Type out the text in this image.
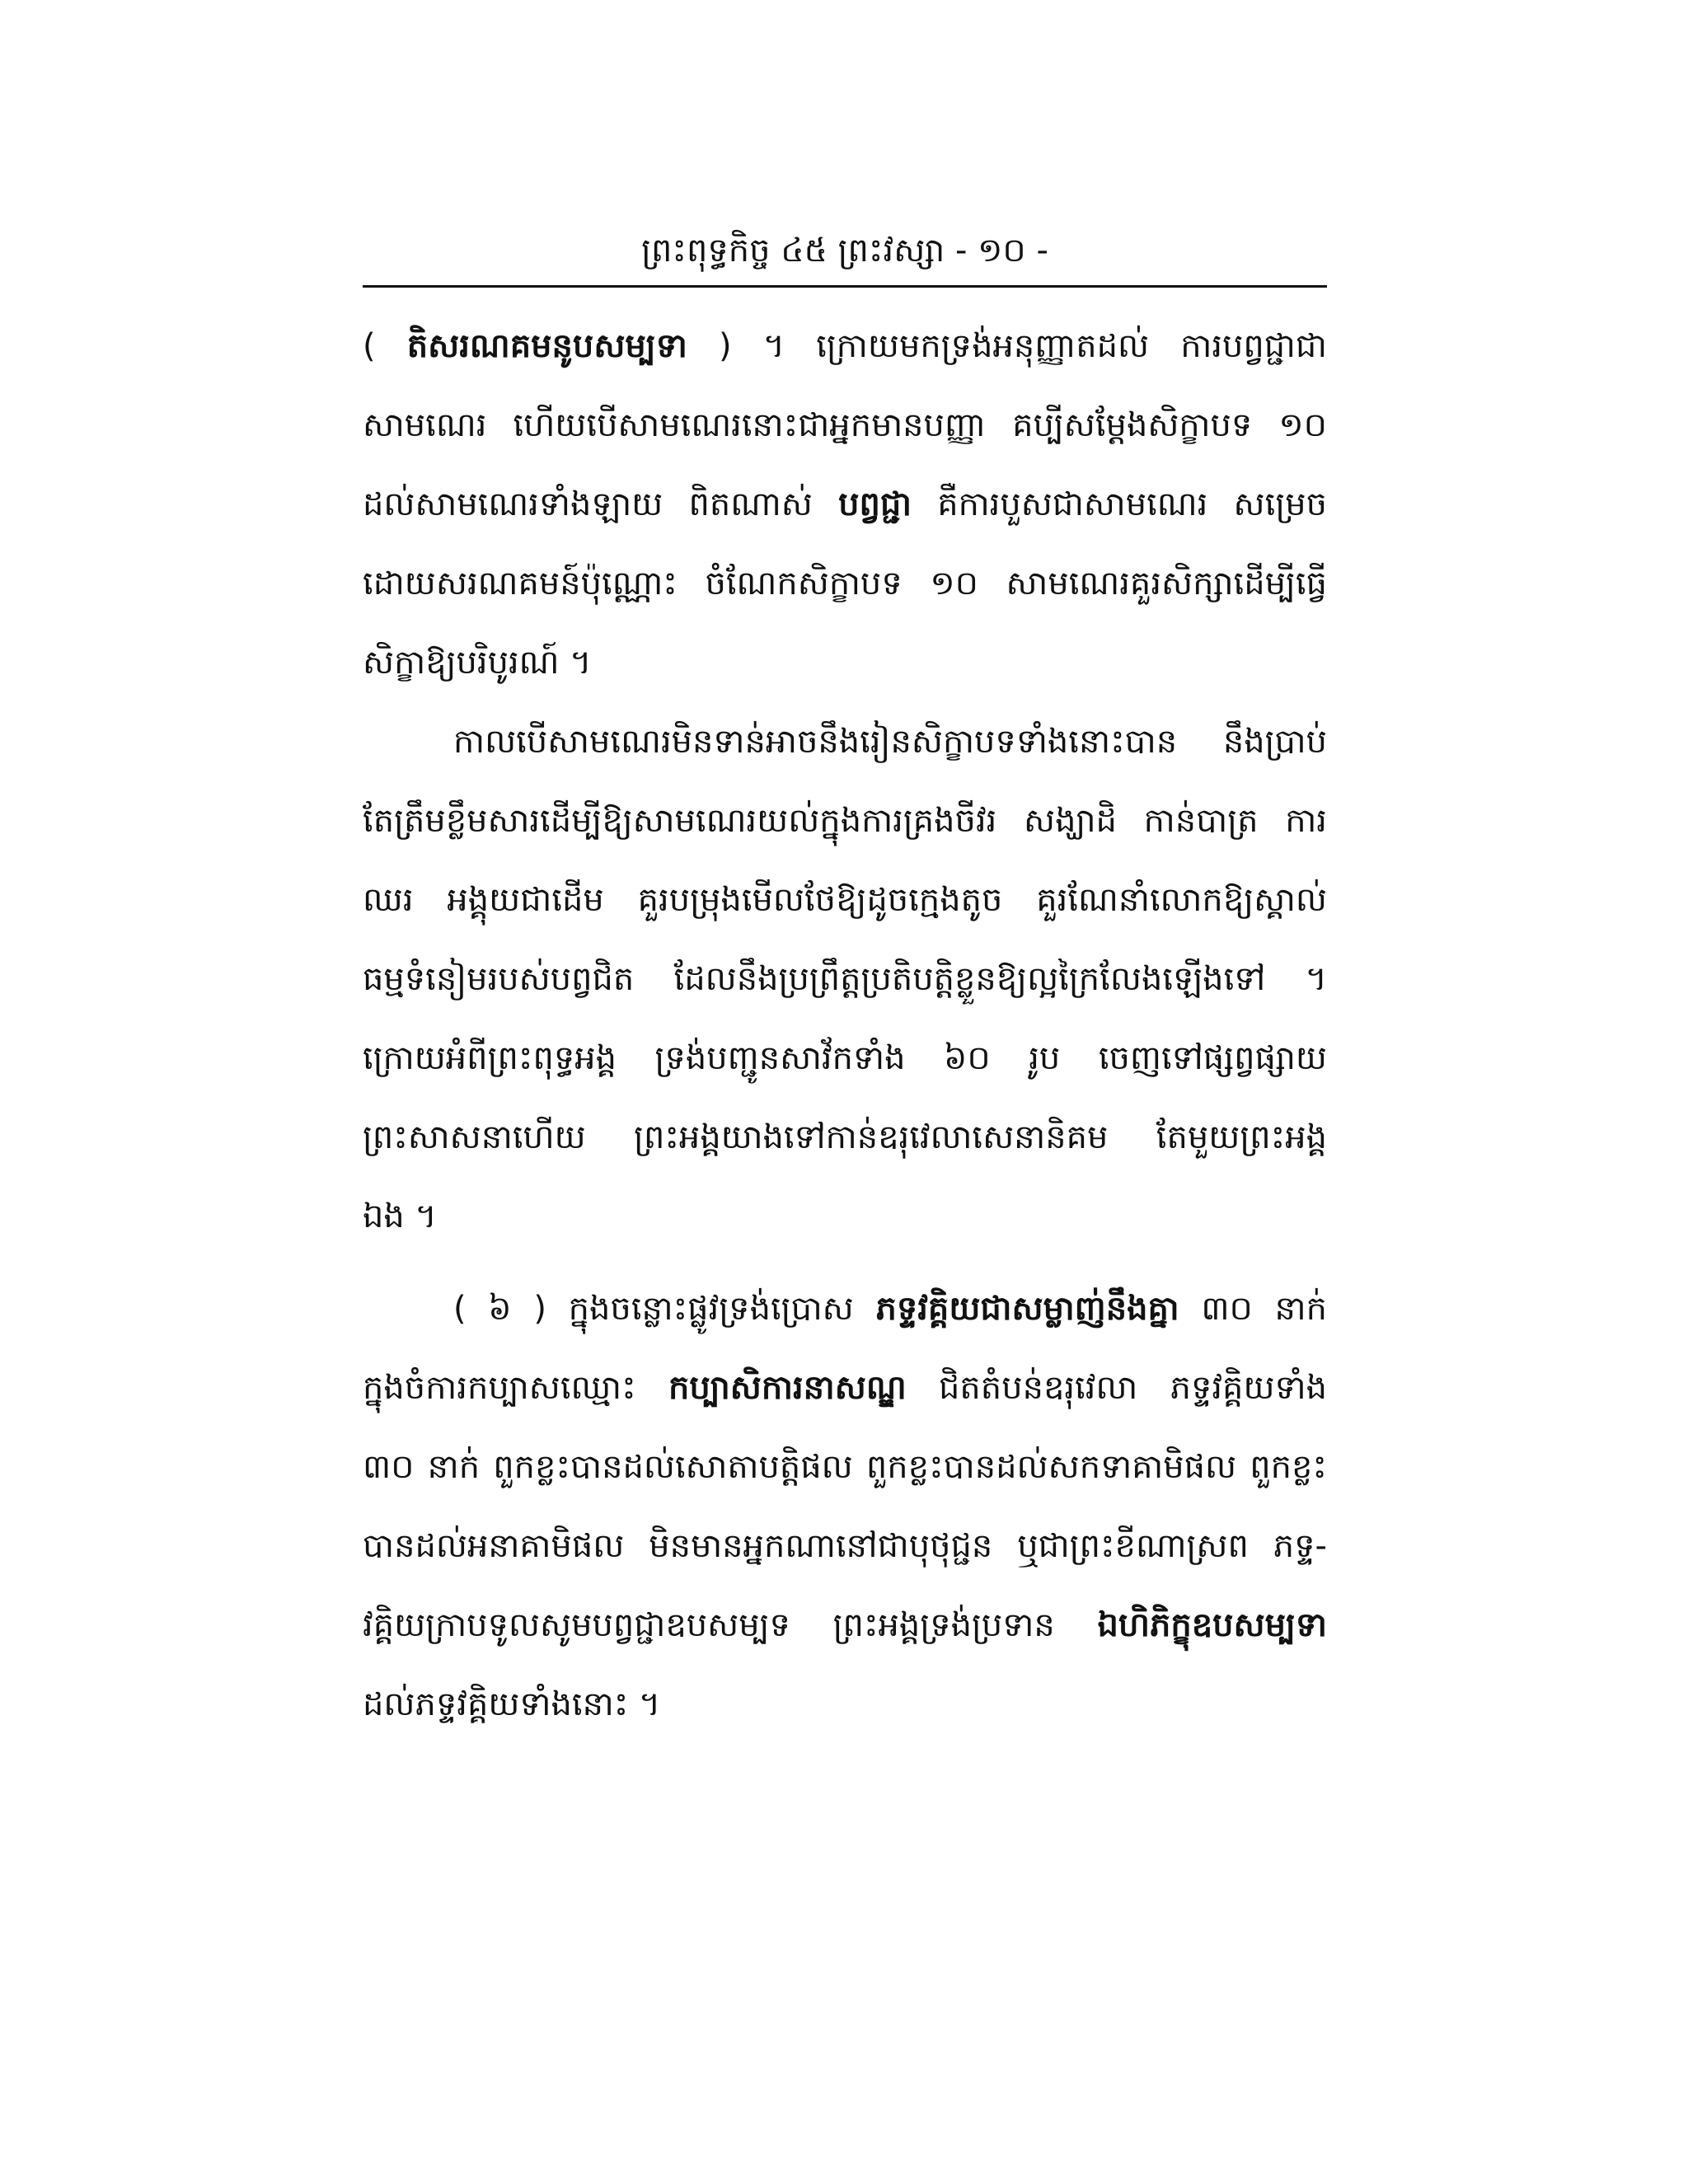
ព្រះពុទ្ធកិច្ច ៤៥ ព្រះវស្សា - ១០ -
( តិសរណគមនូបសម្បទា ) ។ ក្រោយមកទ្រង់អនុញ្ញាតដល់ ការបព្វជ្ជាជា
សាមណេរ ហើយបើសាមណេរនោះជាអ្នកមានបញ្ញា គប្បីសម្ដែងសិក្ខាបទ ១០
ដល់សាមណេរទាំងឡាយ ពិតណាស់ បព្វជ្ជា គឺការបួសជាសាមណេរ សម្រេច
ដោយសរណគមន៍ប៉ុណ្ណោះ ចំណែកសិក្ខាបទ ១០ សាមណេរគួរសិក្សាដើម្បីធ្វើ
សិក្ខាឱ្យបរិបូរណ៍ ។
កាលបើសាមណេរមិនទាន់អាចនឹងរៀនសិក្ខាបទទាំងនោះបាន នឹងប្រាប់
តែត្រឹមខ្លឹមសារដើម្បីឱ្យសាមណេរយល់ក្នុងការគ្រងចីវរ សង្ឃាដិ កាន់បាត្រ ការ
ឈរ អង្គុយជាដើម គួរបម្រុងមើលថែឱ្យដូចក្មេងតូច គួរណែនាំលោកឱ្យស្គាល់
ធម្មទំនៀមរបស់បព្វជិត ដែលនឹងប្រព្រឹត្តប្រតិបត្តិខ្លួនឱ្យល្អក្រៃលែងឡើងទៅ ។
ក្រោយអំពីព្រះពុទ្ធអង្គ ទ្រង់បញ្ជូនសាវ័កទាំង ៦០ រូប ចេញទៅផ្សព្វផ្សាយ
ព្រះសាសនាហើយ ព្រះអង្គយាងទៅកាន់ឧរុវេលាសេនានិគម តែមួយព្រះអង្គ
ឯង ។
( ៦ ) ក្នុងចន្លោះផ្លូវទ្រង់ប្រោស ភទ្ទវគ្គិយជាសម្លាញ់នឹងគ្នា ៣០ នាក់
ក្នុងចំការកប្បាសឈ្មោះ កប្បាសិការនាសណ្ឌ ជិតតំបន់ឧរុវេលា ភទ្ទវគ្គិយទាំង
៣០ នាក់ ពួកខ្លះបានដល់សោតាបត្តិផល ពួកខ្លះបានដល់សកទាគាមិផល ពួកខ្លះ
បានដល់អនាគាមិផល មិនមានអ្នកណានៅជាបុថុជ្ជន ឬជាព្រះខីណាស្រព ភទ្ទ-
វគ្គិយក្រាបទូលសូមបព្វជ្ជាឧបសម្បទ ព្រះអង្គទ្រង់ប្រទាន ឯហិភិក្ខុឧបសម្បទា
ដល់ភទ្ទវគ្គិយទាំងនោះ ។
